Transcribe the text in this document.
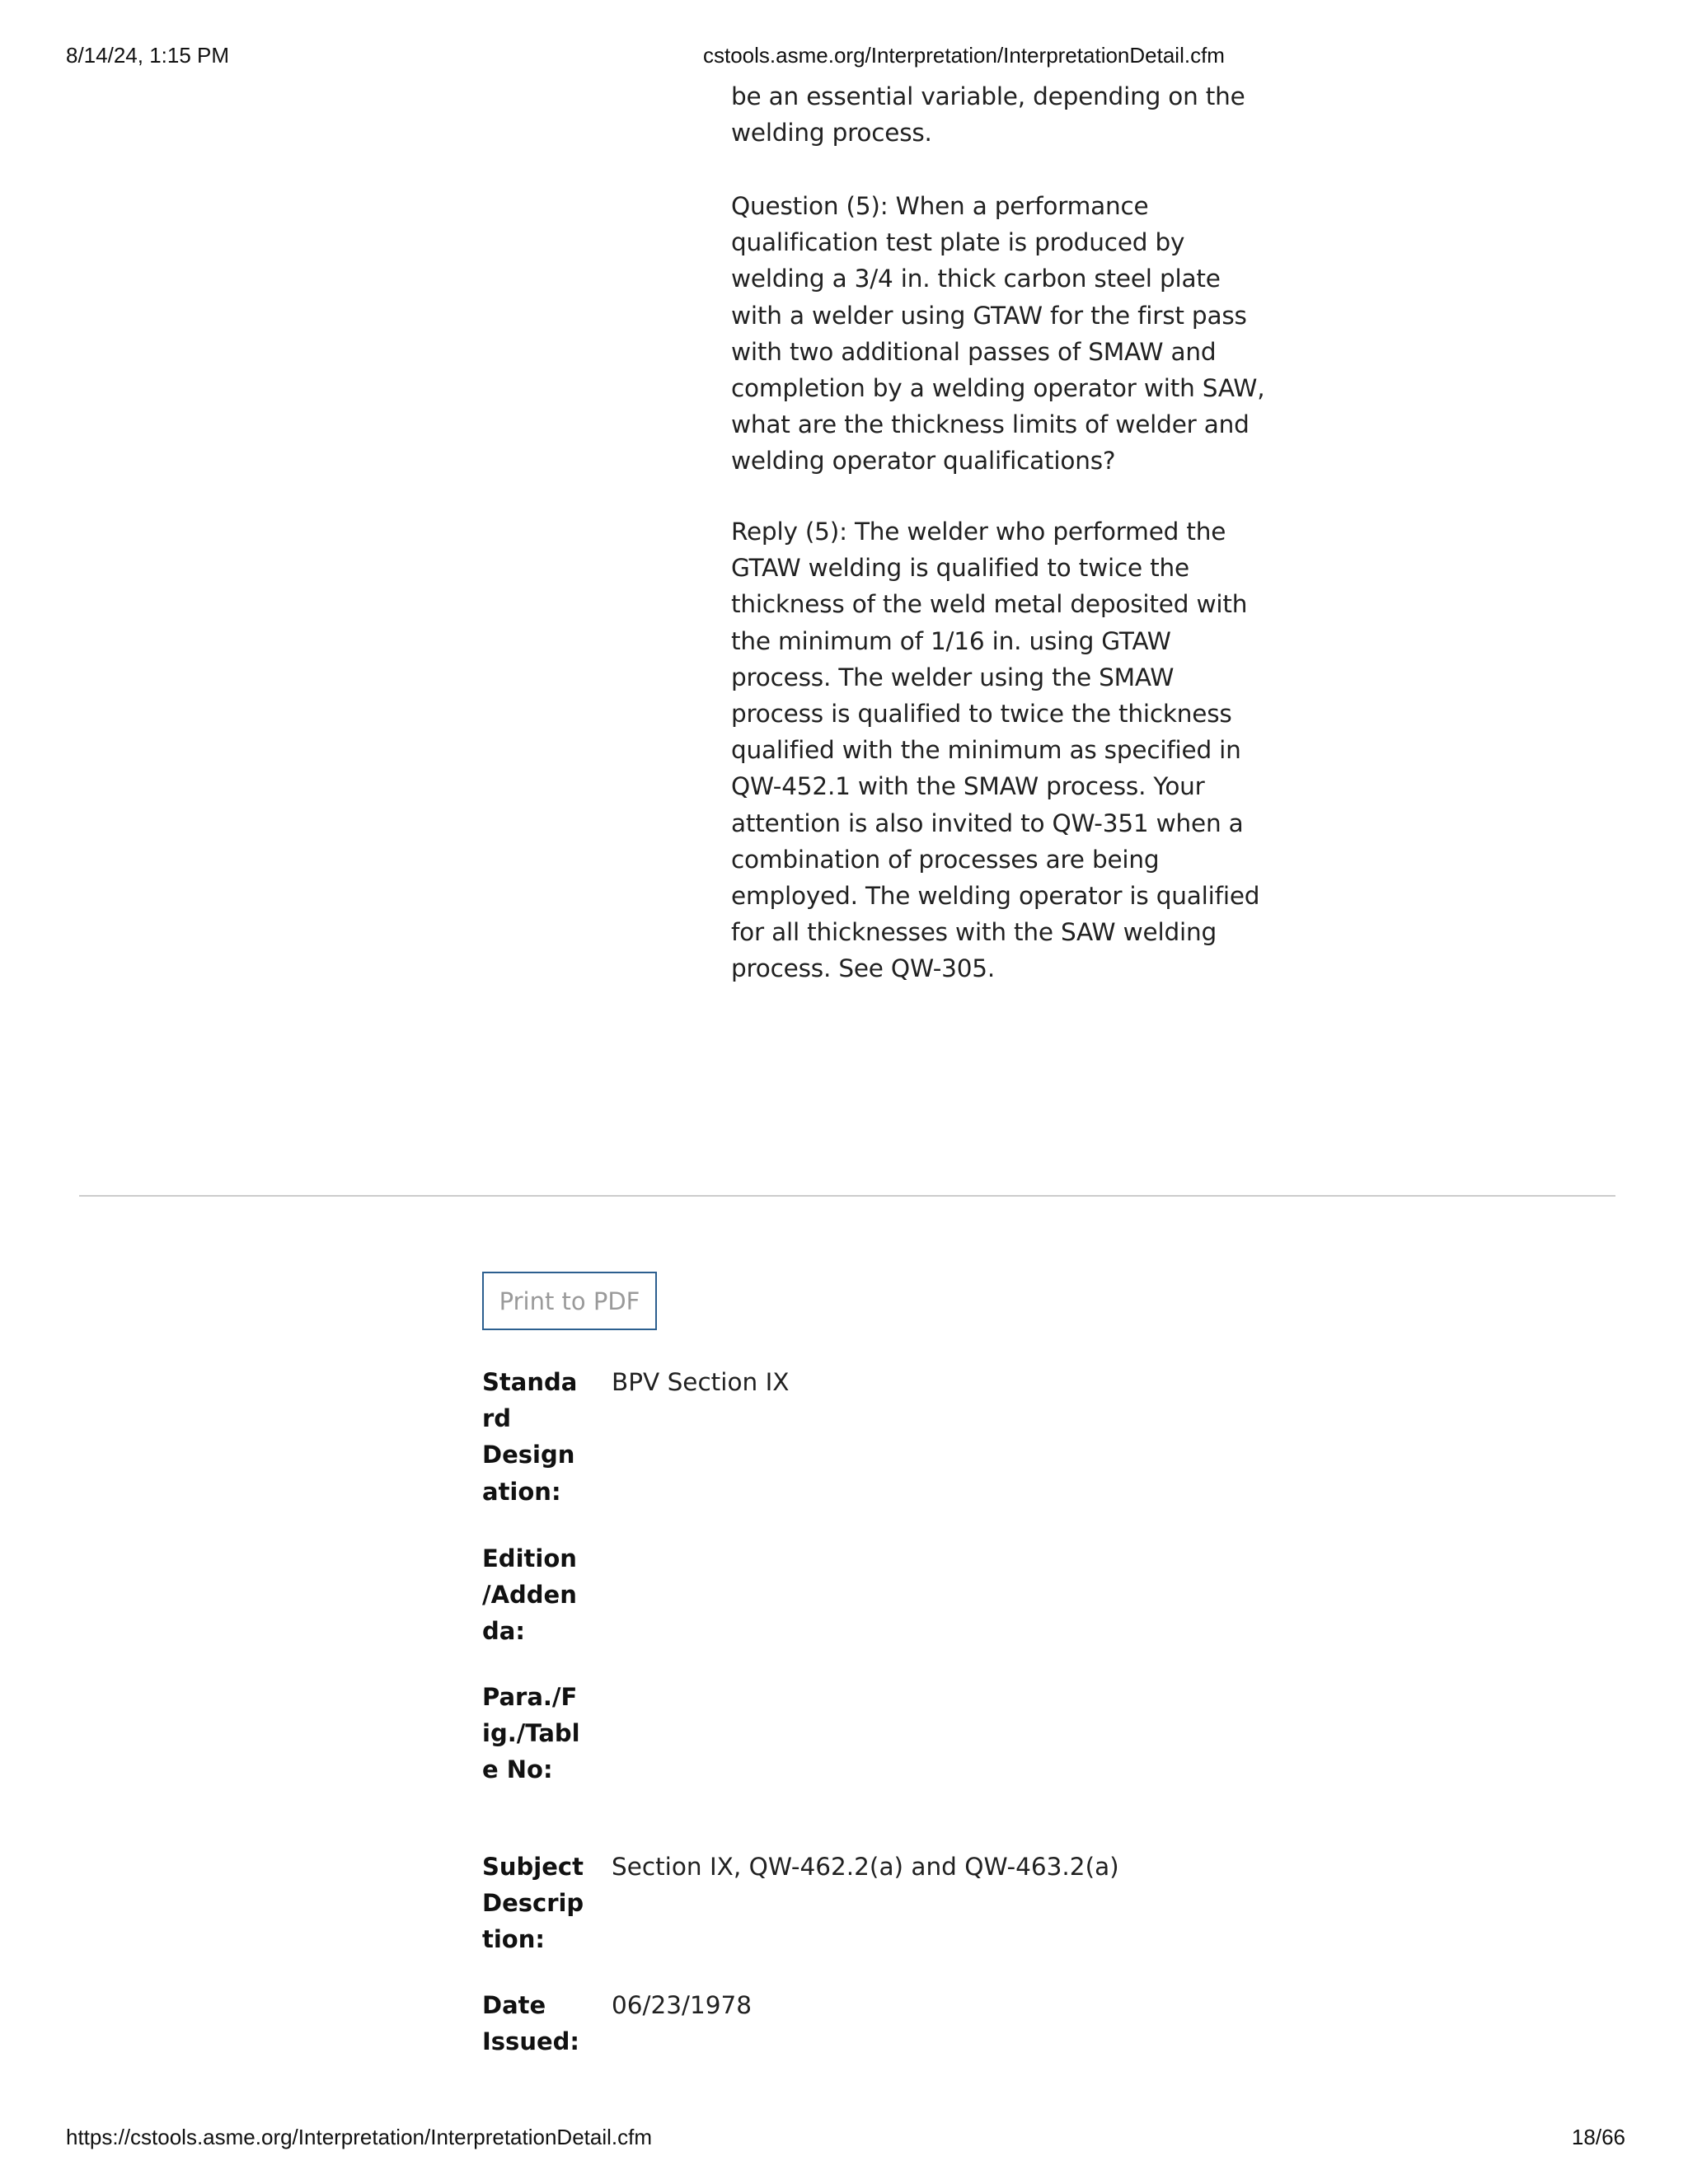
8/14/24, 1:15 PM	cstools.asme.org/Interpretation/InterpretationDetail.cfm
be an essential variable, depending on the
welding process.
Question (5): When a performance
qualification test plate is produced by
welding a 3/4 in. thick carbon steel plate
with a welder using GTAW for the first pass
with two additional passes of SMAW and
completion by a welding operator with SAW,
what are the thickness limits of welder and
welding operator qualifications?
Reply (5): The welder who performed the
GTAW welding is qualified to twice the
thickness of the weld metal deposited with
the minimum of 1/16 in. using GTAW
process. The welder using the SMAW
process is qualified to twice the thickness
qualified with the minimum as specified in
QW-452.1 with the SMAW process. Your
attention is also invited to QW-351 when a
combination of processes are being
employed. The welding operator is qualified
for all thicknesses with the SAW welding
process. See QW-305.
Print to PDF
Standa
rd
Design
ation:
BPV Section IX
Edition
/Adden
da:
Para./F
ig./Tabl
e No:
Subject
Descrip
tion:
Section IX, QW-462.2(a) and QW-463.2(a)
Date
Issued:
06/23/1978
https://cstools.asme.org/Interpretation/InterpretationDetail.cfm	18/66
